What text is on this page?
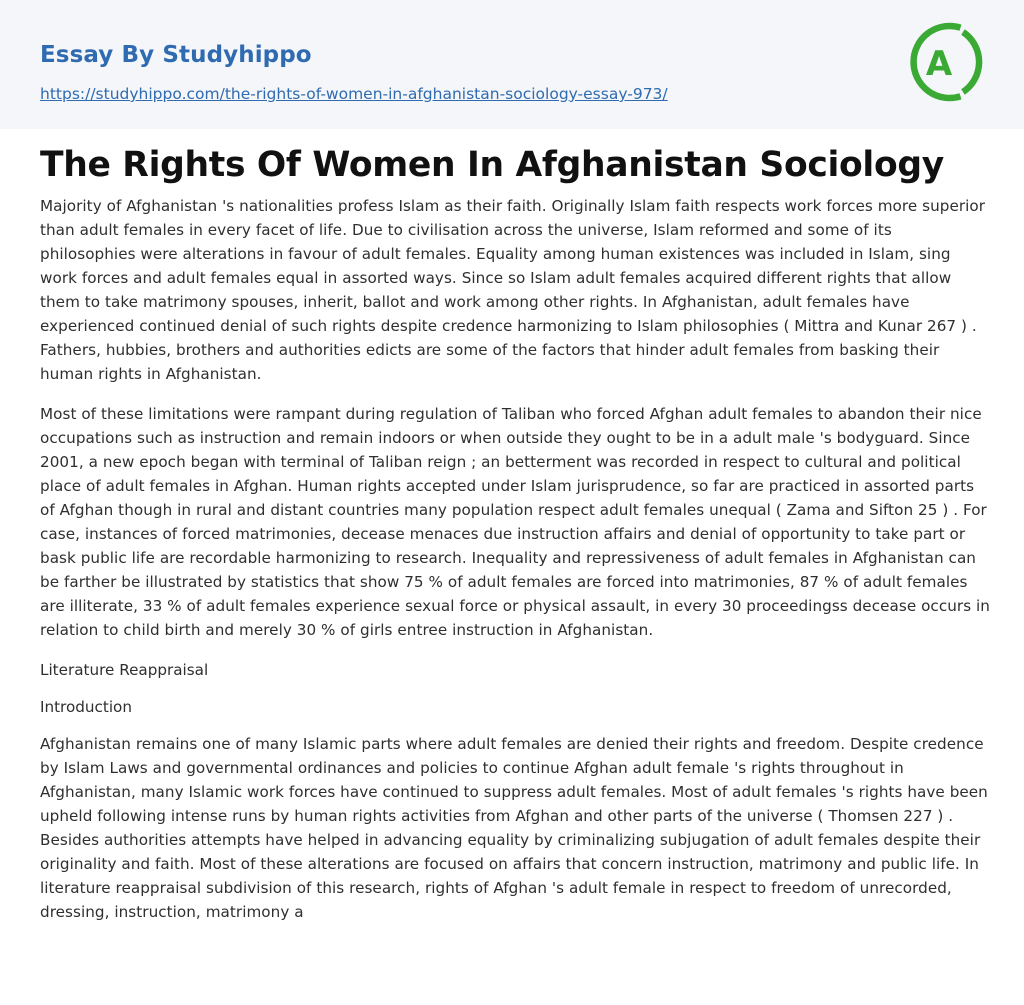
Essay By Studyhippo
https://studyhippo.com/the-rights-of-women-in-afghanistan-sociology-essay-973/
A
The Rights Of Women In Afghanistan Sociology

Majority of Afghanistan 's nationalities profess Islam as their faith. Originally Islam faith respects work forces more superior than adult females in every facet of life. Due to civilisation across the universe, Islam reformed and some of its philosophies were alterations in favour of adult females. Equality among human existences was included in Islam, sing work forces and adult females equal in assorted ways. Since so Islam adult females acquired different rights that allow them to take matrimony spouses, inherit, ballot and work among other rights. In Afghanistan, adult females have experienced continued denial of such rights despite credence harmonizing to Islam philosophies ( Mittra and Kunar 267 ) . Fathers, hubbies, brothers and authorities edicts are some of the factors that hinder adult females from basking their human rights in Afghanistan.

Most of these limitations were rampant during regulation of Taliban who forced Afghan adult females to abandon their nice occupations such as instruction and remain indoors or when outside they ought to be in a adult male 's bodyguard. Since 2001, a new epoch began with terminal of Taliban reign ; an betterment was recorded in respect to cultural and political place of adult females in Afghan. Human rights accepted under Islam jurisprudence, so far are practiced in assorted parts of Afghan though in rural and distant countries many population respect adult females unequal ( Zama and Sifton 25 ) . For case, instances of forced matrimonies, decease menaces due instruction affairs and denial of opportunity to take part or bask public life are recordable harmonizing to research. Inequality and repressiveness of adult females in Afghanistan can be farther be illustrated by statistics that show 75 % of adult females are forced into matrimonies, 87 % of adult females are illiterate, 33 % of adult females experience sexual force or physical assault, in every 30 proceedingss decease occurs in relation to child birth and merely 30 % of girls entree instruction in Afghanistan.

Literature Reappraisal

Introduction

Afghanistan remains one of many Islamic parts where adult females are denied their rights and freedom. Despite credence by Islam Laws and governmental ordinances and policies to continue Afghan adult female 's rights throughout in Afghanistan, many Islamic work forces have continued to suppress adult females. Most of adult females 's rights have been upheld following intense runs by human rights activities from Afghan and other parts of the universe ( Thomsen 227 ) . Besides authorities attempts have helped in advancing equality by criminalizing subjugation of adult females despite their originality and faith. Most of these alterations are focused on affairs that concern instruction, matrimony and public life. In literature reappraisal subdivision of this research, rights of Afghan 's adult female in respect to freedom of unrecorded, dressing, instruction, matrimony a
